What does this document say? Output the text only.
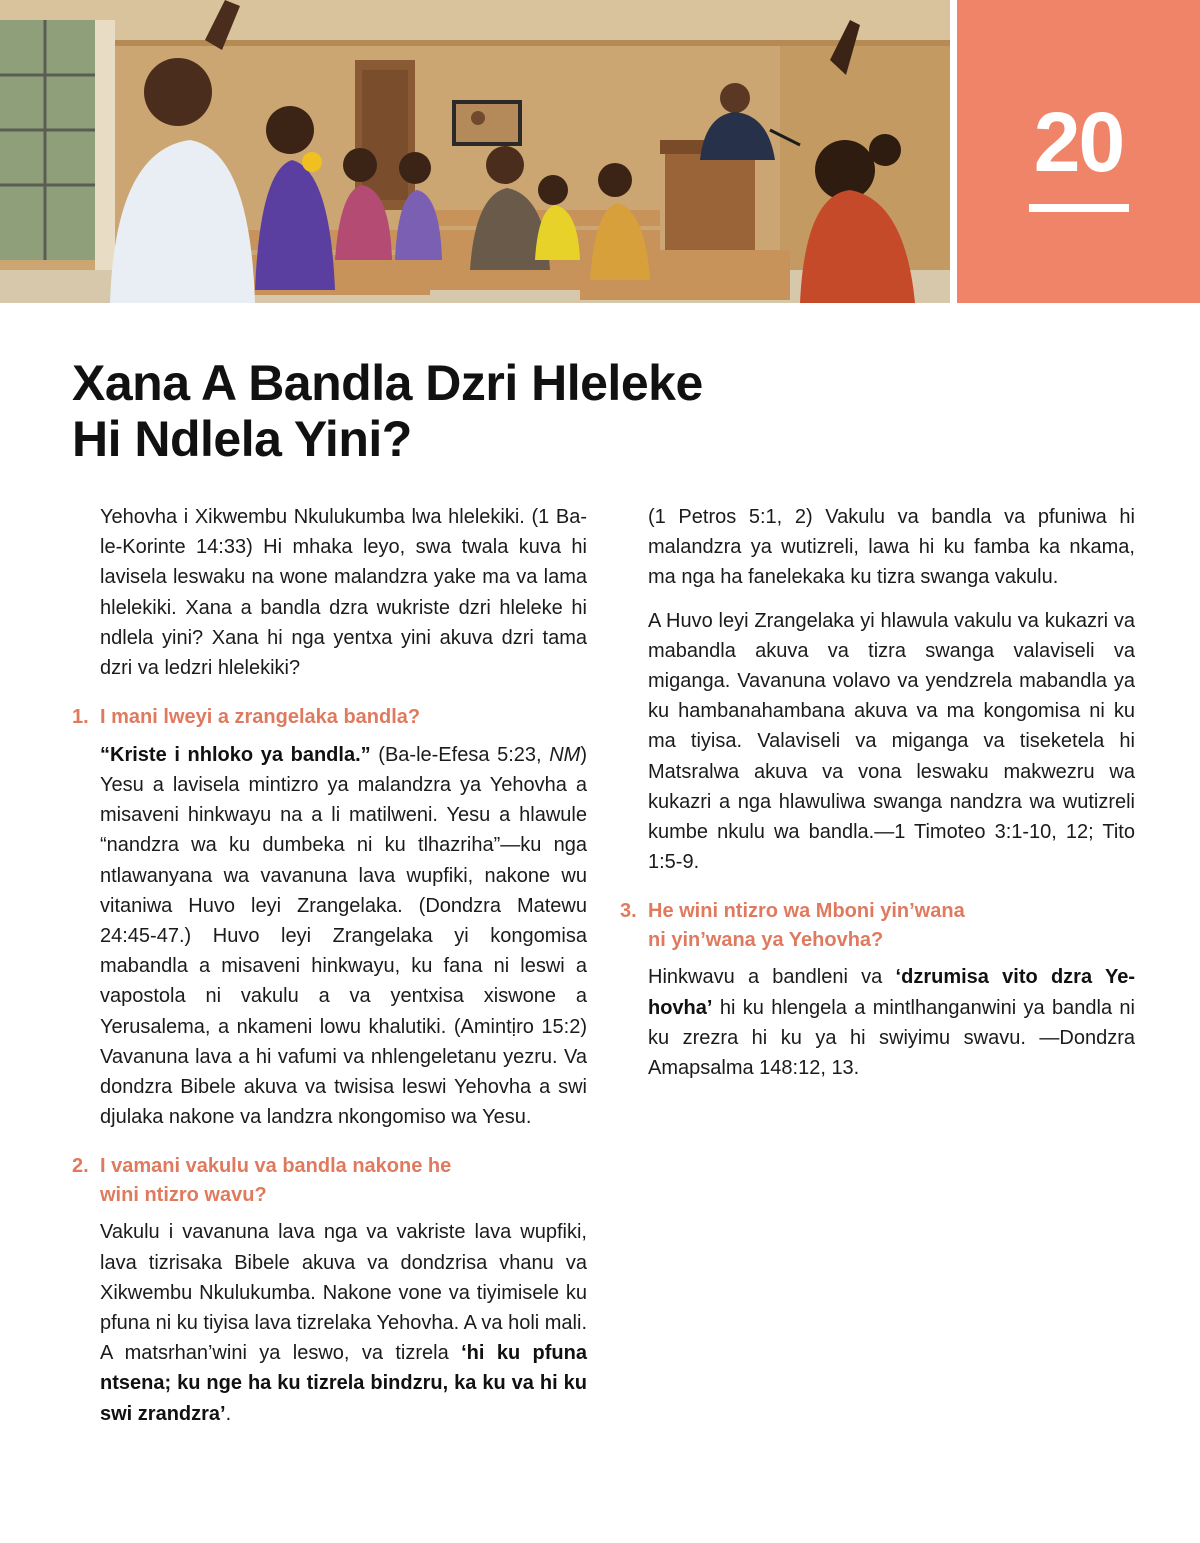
20
Xana A Bandla Dzri Hleleke
Hi Ndlela Yini?

Yehovha i Xikwembu Nkulukumba lwa hlelekiki. (1 Ba-le-Korinte 14:33) Hi mhaka leyo, swa twala kuva hi lavisela leswaku na wone malandzra yake ma va lama hlelekiki. Xana a bandla dzra wukriste dzri hleleke hi ndlela yini? Xana hi nga yentxa yini akuva dzri tama dzri va ledzri hlelekiki?

1. I mani lweyi a zrangelaka bandla?

“Kriste i nhloko ya bandla.” (Ba-le-Efesa 5:23, NM) Yesu a lavisela mintizro ya malandzra ya Yehovha a misaveni hinkwayu na a li matilweni. Yesu a hlawule “nandzra wa ku dumbeka ni ku tlhazriha”—ku nga ntlawanyana wa vavanuna lava wupfiki, nakone wu vitaniwa Huvo leyi Zrangelaka. (Dondzra Matewu 24:45-47.) Huvo leyi Zrangelaka yi kongomisa mabandla a misaveni hinkwayu, ku fana ni leswi a vapostola ni vakulu a va yentxisa xiswone a Yerusalema, a nkameni lowu khalutiki. (Amintịro 15:2) Vavanuna lava a hi vafumi va nhlengeletanu yezru. Va dondzra Bibele akuva va twisisa leswi Yehovha a swi djulaka nakone va landzra nkongomiso wa Yesu.

2. I vamani vakulu va bandla nakone he
wini ntizro wavu?

Vakulu i vavanuna lava nga va vakriste lava wupfiki, lava tizrisaka Bibele akuva va dondzrisa vhanu va Xikwembu Nkulukumba. Nakone vone va tiyimisele ku pfuna ni ku tiyisa lava tizrelaka Yehovha. A va holi mali. A matsrhan’wini ya leswo, va tizrela ‘hi ku pfuna ntsena; ku nge ha ku tizrela bindzru, ka ku va hi ku swi zrandzra’.

(1 Petros 5:1, 2) Vakulu va bandla va pfuniwa hi malandzra ya wutizreli, lawa hi ku famba ka nkama, ma nga ha fanelekaka ku tizra swanga vakulu.

A Huvo leyi Zrangelaka yi hlawula vakulu va kukazri va mabandla akuva va tizra swanga valaviseli va miganga. Vavanuna volavo va yendzrela mabandla ya ku hambanahambana akuva va ma kongomisa ni ku ma tiyisa. Valaviseli va miganga va tiseketela hi Matsralwa akuva va vona leswaku makwezru wa kukazri a nga hlawuliwa swanga nandzra wa wutizreli kumbe nkulu wa bandla.—1 Timoteo 3:1-10, 12; Tito 1:5-9.

3. He wini ntizro wa Mboni yin’wana
ni yin’wana ya Yehovha?

Hinkwavu a bandleni va ‘dzrumisa vito dzra Yehovha’ hi ku hlengela a mintlhanganwini ya bandla ni ku zrezra hi ku ya hi swiyimu swavu. —Dondzra Amapsalma 148:12, 13.
